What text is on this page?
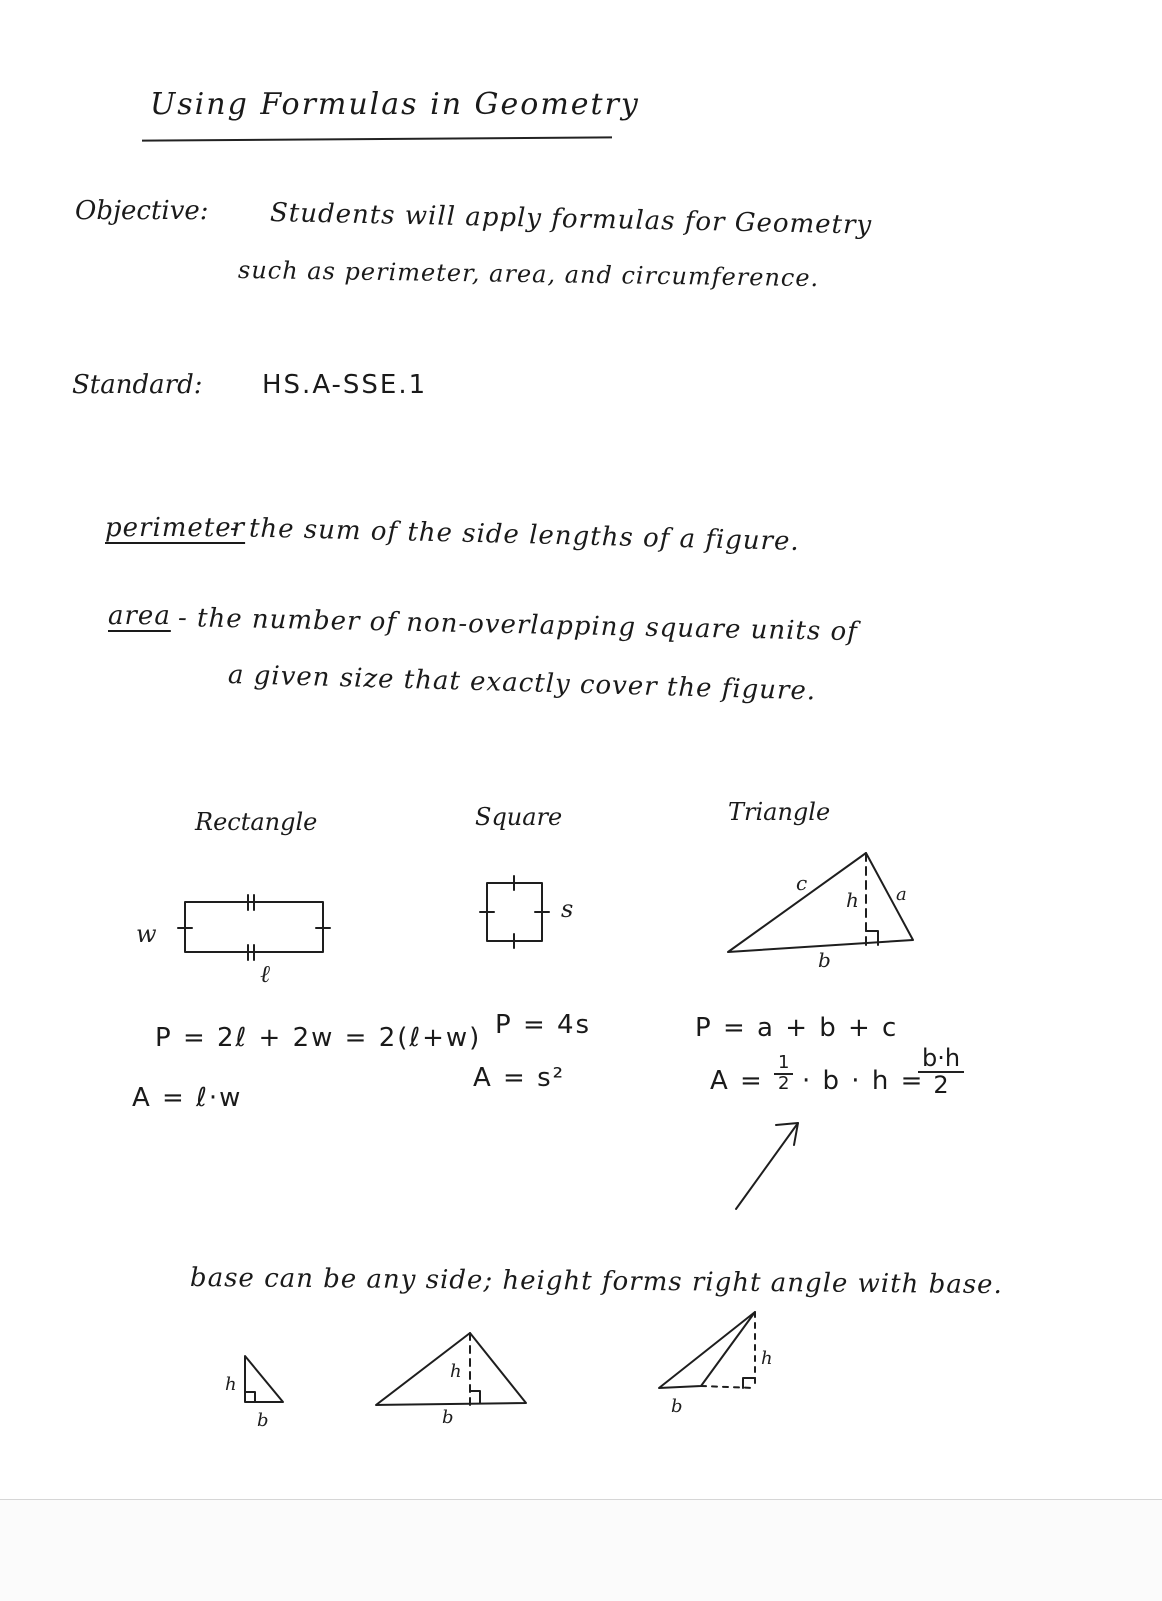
Using Formulas in Geometry
Objective: Students will apply formulas for Geometry
such as perimeter, area, and circumference.
Standard: HS.A-SSE.1
perimeter
- the sum of the side lengths of a figure.
area - the number of non-overlapping square units of
a given size that exactly cover the figure.
Rectangle	Square	Triangle
w
ℓ
s
c
h a
b
P = 2ℓ + 2w = 2(ℓ+w)
A = ℓ·w
P = 4s
A = s²
P = a + b + c
$A = \frac{1}{2} \cdot b \cdot h$ =
$\frac{b\cdot h}{2}$
base can be any side; height forms right angle with base.
h
b
h
b
h
b
